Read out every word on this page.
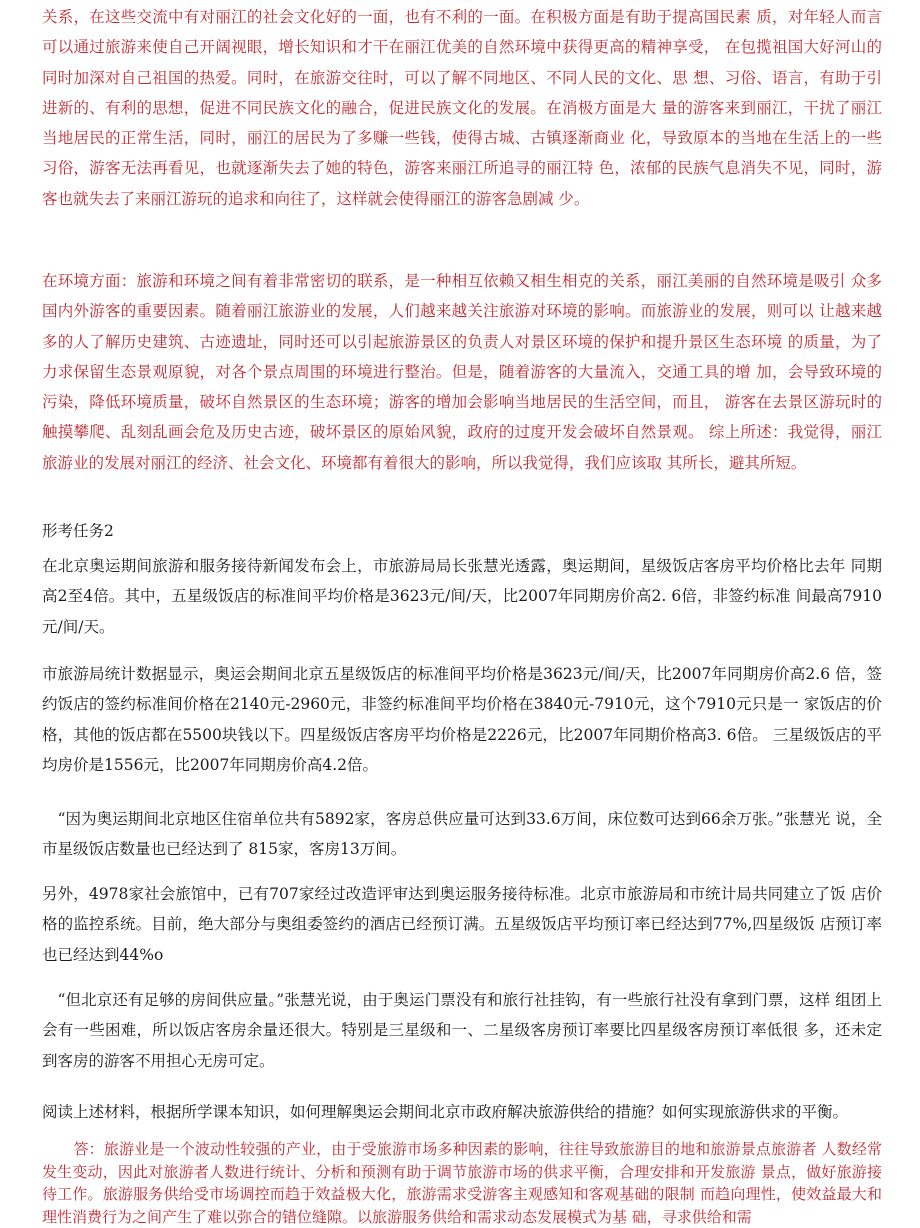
关系，在这些交流中有对丽江的社会文化好的一面，也有不利的一面。在积极方面是有助于提高国民素 质，对年轻人而言可以通过旅游来使自己开阔视眼，增长知识和才干在丽江优美的自然环境中获得更高的精神享受， 在包揽祖国大好河山的同时加深对自己祖国的热爱。同时，在旅游交往时，可以了解不同地区、不同人民的文化、思 想、习俗、语言，有助于引进新的、有利的思想，促进不同民族文化的融合，促进民族文化的发展。在消极方面是大 量的游客来到丽江，干扰了丽江当地居民的正常生活，同时，丽江的居民为了多赚一些钱，使得古城、古镇逐渐商业 化，导致原本的当地在生活上的一些习俗，游客无法再看见，也就逐渐失去了她的特色，游客来丽江所追寻的丽江特 色，浓郁的民族气息消失不见，同时，游客也就失去了来丽江游玩的追求和向往了，这样就会使得丽江的游客急剧减 少。

在环境方面：旅游和环境之间有着非常密切的联系，是一种相互依赖又相生相克的关系，丽江美丽的自然环境是吸引 众多国内外游客的重要因素。随着丽江旅游业的发展，人们越来越关注旅游对环境的影响。而旅游业的发展，则可以 让越来越多的人了解历史建筑、古迹遗址，同时还可以引起旅游景区的负责人对景区环境的保护和提升景区生态环境 的质量，为了力求保留生态景观原貌，对各个景点周围的环境进行整治。但是，随着游客的大量流入，交通工具的增 加，会导致环境的污染，降低环境质量，破坏自然景区的生态环境；游客的增加会影响当地居民的生活空间，而且， 游客在去景区游玩时的触摸攀爬、乱刻乱画会危及历史古迹，破坏景区的原始风貌，政府的过度开发会破坏自然景观。 综上所述：我觉得，丽江旅游业的发展对丽江的经济、社会文化、环境都有着很大的影响，所以我觉得，我们应该取 其所长，避其所短。

形考任务2

在北京奥运期间旅游和服务接待新闻发布会上，市旅游局局长张慧光透露，奥运期间，星级饭店客房平均价格比去年 同期高2至4倍。其中，五星级饭店的标准间平均价格是3623元/间/天，比2007年同期房价高2. 6倍，非签约标准 间最高7910元/间/天。

市旅游局统计数据显示，奥运会期间北京五星级饭店的标准间平均价格是3623元/间/天，比2007年同期房价高2.6 倍，签约饭店的签约标准间价格在2140元-2960元，非签约标准间平均价格在3840元-7910元，这个7910元只是一 家饭店的价格，其他的饭店都在5500块钱以下。四星级饭店客房平均价格是2226元，比2007年同期价格高3. 6倍。 三星级饭店的平均房价是1556元，比2007年同期房价高4.2倍。

“因为奥运期间北京地区住宿单位共有5892家，客房总供应量可达到33.6万间，床位数可达到66余万张。”张慧光 说，全市星级饭店数量也已经达到了 815家，客房13万间。

另外，4978家社会旅馆中，已有707家经过改造评审达到奥运服务接待标准。北京市旅游局和市统计局共同建立了饭 店价格的监控系统。目前，绝大部分与奥组委签约的酒店已经预订满。五星级饭店平均预订率已经达到77%,四星级饭 店预订率也已经达到44%o

“但北京还有足够的房间供应量。”张慧光说，由于奥运门票没有和旅行社挂钩，有一些旅行社没有拿到门票，这样 组团上会有一些困难，所以饭店客房余量还很大。特别是三星级和一、二星级客房预订率要比四星级客房预订率低很 多，还未定到客房的游客不用担心无房可定。

阅读上述材料，根据所学课本知识，如何理解奥运会期间北京市政府解决旅游供给的措施？如何实现旅游供求的平衡。

答：旅游业是一个波动性较强的产业，由于受旅游市场多种因素的影响，往往导致旅游目的地和旅游景点旅游者 人数经常发生变动，因此对旅游者人数进行统计、分析和预测有助于调节旅游市场的供求平衡，合理安排和开发旅游 景点，做好旅游接待工作。旅游服务供给受市场调控而趋于效益极大化，旅游需求受游客主观感知和客观基础的限制 而趋向理性，使效益最大和理性消费行为之间产生了难以弥合的错位缝隙。以旅游服务供给和需求动态发展模式为基 础，寻求供给和需
